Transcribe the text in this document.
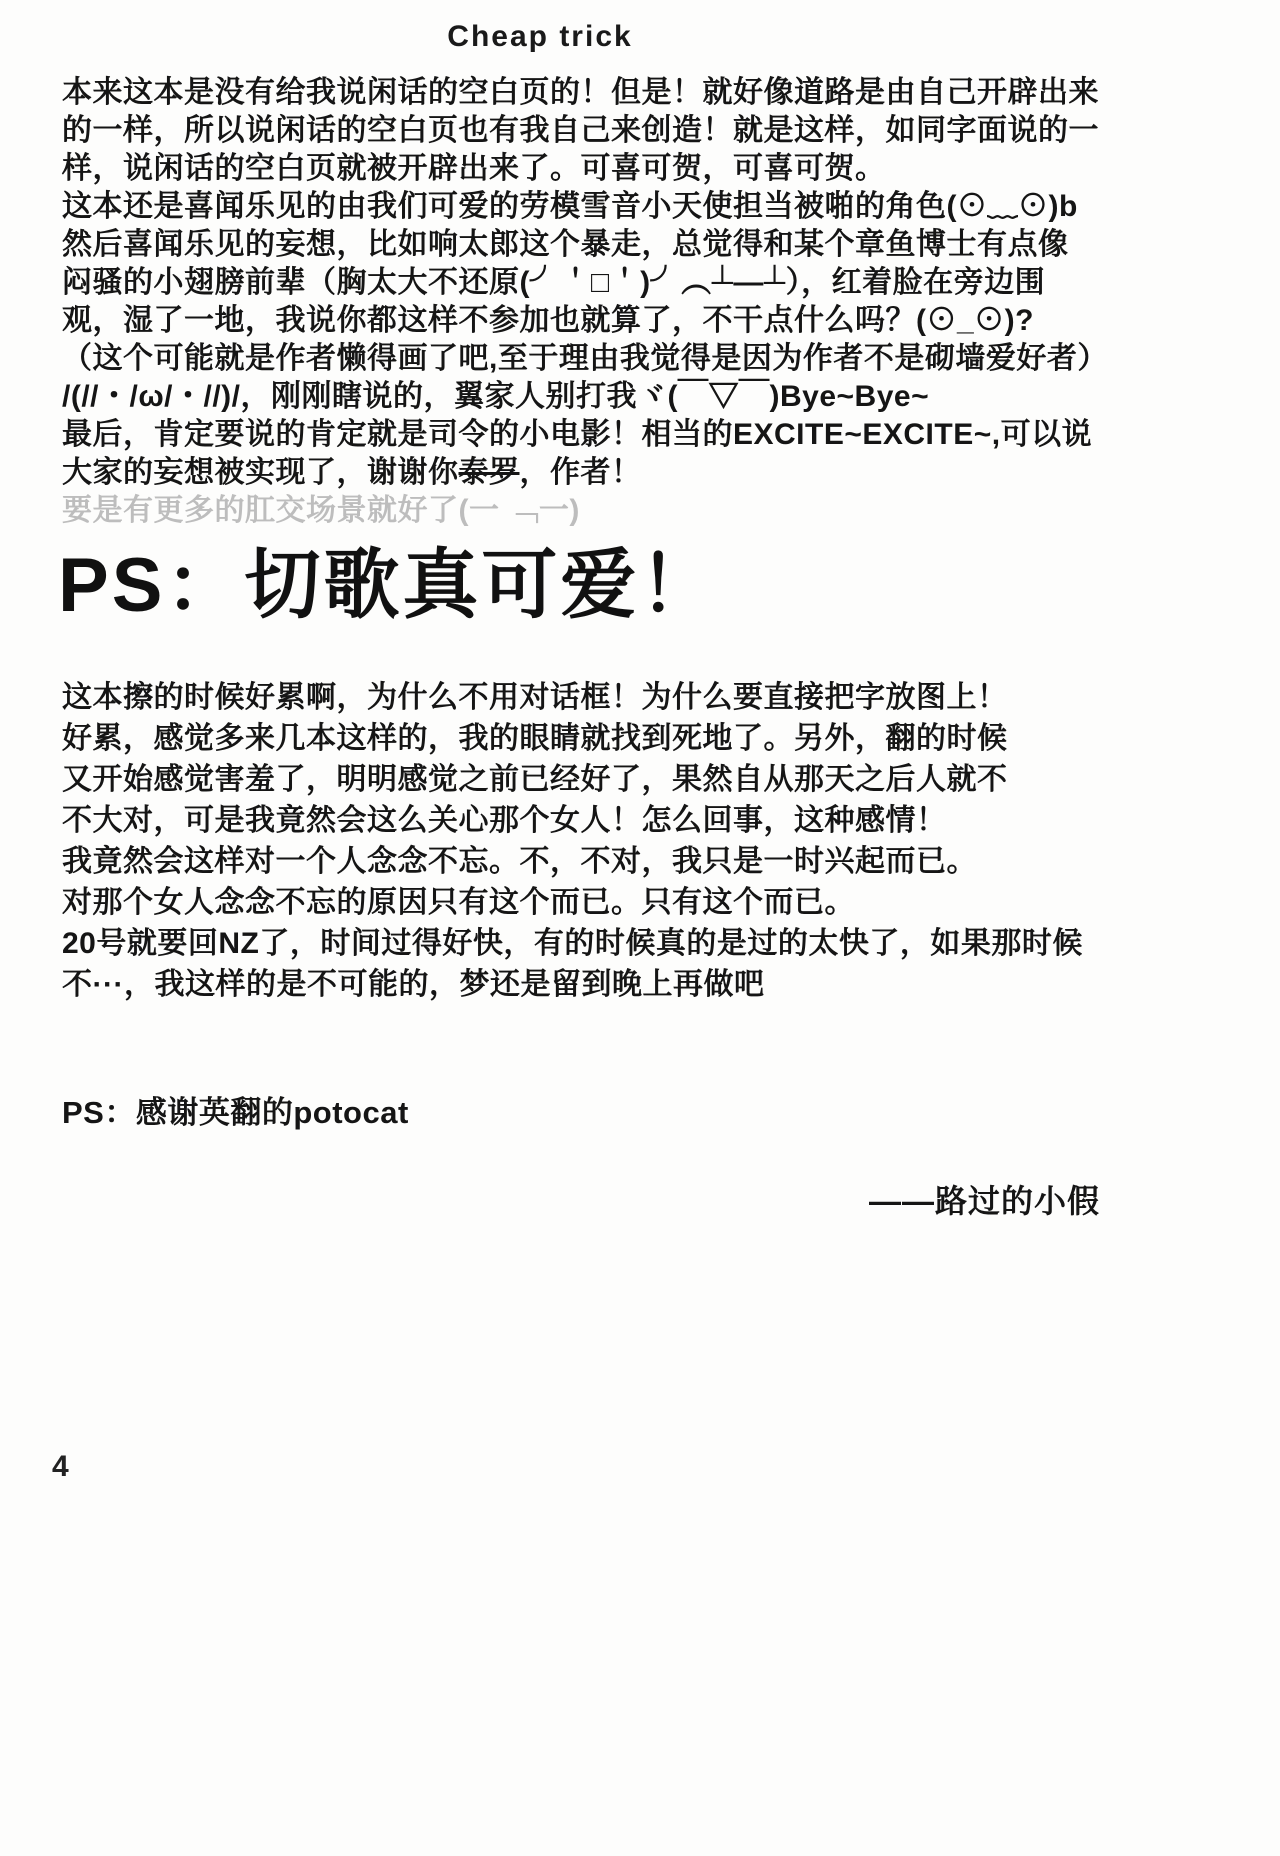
Cheap trick
本来这本是没有给我说闲话的空白页的！但是！就好像道路是由自己开辟出来
的一样，所以说闲话的空白页也有我自己来创造！就是这样，如同字面说的一
样，说闲话的空白页就被开辟出来了。可喜可贺，可喜可贺。
这本还是喜闻乐见的由我们可爱的劳模雪音小天使担当被啪的角色(⊙﹏⊙)b
然后喜闻乐见的妄想，比如响太郎这个暴走，总觉得和某个章鱼博士有点像
闷骚的小翅膀前辈（胸太大不还原(╯＇□＇)╯︵┴—┴），红着脸在旁边围
观，湿了一地，我说你都这样不参加也就算了，不干点什么吗？(⊙_⊙)?
（这个可能就是作者懒得画了吧,至于理由我觉得是因为作者不是砌墙爱好者）
/(//・/ω/・//)/，刚刚瞎说的，翼家人别打我ヾ(￣▽￣)Bye~Bye~
最后，肯定要说的肯定就是司令的小电影！相当的EXCITE~EXCITE~,可以说
大家的妄想被实现了，谢谢你泰罗，作者！
要是有更多的肛交场景就好了(一 ﹁一)
PS：切歌真可爱！
这本擦的时候好累啊，为什么不用对话框！为什么要直接把字放图上！
好累，感觉多来几本这样的，我的眼睛就找到死地了。另外，翻的时候
又开始感觉害羞了，明明感觉之前已经好了，果然自从那天之后人就不
不大对，可是我竟然会这么关心那个女人！怎么回事，这种感情！
我竟然会这样对一个人念念不忘。不，不对，我只是一时兴起而已。
对那个女人念念不忘的原因只有这个而已。只有这个而已。
20号就要回NZ了，时间过得好快，有的时候真的是过的太快了，如果那时候
不···，我这样的是不可能的，梦还是留到晚上再做吧
PS：感谢英翻的potocat
——路过的小假
4
